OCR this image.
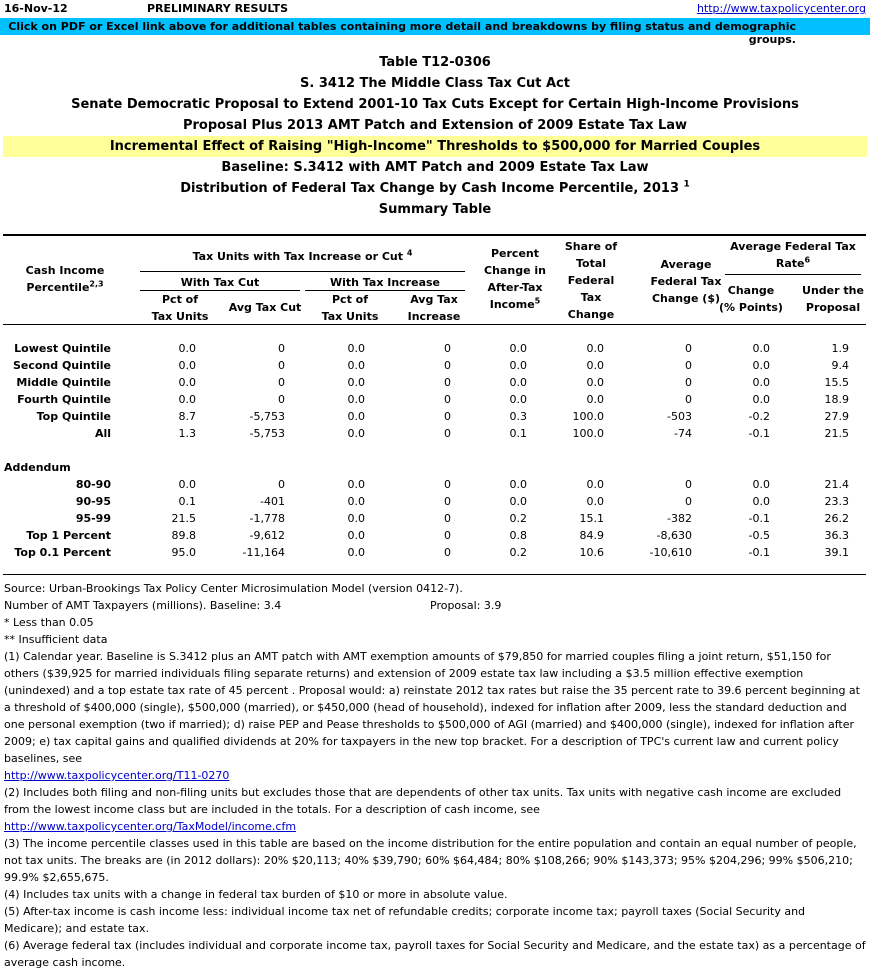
16-Nov-12	PRELIMINARY RESULTS	http://www.taxpolicycenter.org
Click on PDF or Excel link above for additional tables containing more detail and breakdowns by filing status and demographic groups.
Table T12-0306
S. 3412 The Middle Class Tax Cut Act
Senate Democratic Proposal to Extend 2001-10 Tax Cuts Except for Certain High-Income Provisions
Proposal Plus 2013 AMT Patch and Extension of 2009 Estate Tax Law
Incremental Effect of Raising "High-Income" Thresholds to $500,000 for Married Couples
Baseline: S.3412 with AMT Patch and 2009 Estate Tax Law
Distribution of Federal Tax Change by Cash Income Percentile, 2013 $^1$
Summary Table
Cash Income
Percentile$^{2,3}$
Tax Units with Tax Increase or Cut $^4$
With Tax Cut	With Tax Increase
Pct of Tax Units
Avg Tax Cut
Pct of Tax Units
Avg Tax Increase
Percent Change in After-Tax Income$^5$
Share of Total Federal Tax Change
Average Federal Tax Change ($)
Average Federal Tax Rate$^6$
Change (% Points)
Under the Proposal
Lowest Quintile	0.0	0	0.0	0	0.0	0.0	0	0.0	1.9
Second Quintile	0.0	0	0.0	0	0.0	0.0	0	0.0	9.4
Middle Quintile	0.0	0	0.0	0	0.0	0.0	0	0.0	15.5
Fourth Quintile	0.0	0	0.0	0	0.0	0.0	0	0.0	18.9
Top Quintile	8.7	-5,753	0.0	0	0.3	100.0	-503	-0.2	27.9
All	1.3	-5,753	0.0	0	0.1	100.0	-74	-0.1	21.5
Addendum
80-90	0.0	0	0.0	0	0.0	0.0	0	0.0	21.4
90-95	0.1	-401	0.0	0	0.0	0.0	0	0.0	23.3
95-99	21.5	-1,778	0.0	0	0.2	15.1	-382	-0.1	26.2
Top 1 Percent	89.8	-9,612	0.0	0	0.8	84.9	-8,630	-0.5	36.3
Top 0.1 Percent	95.0	-11,164	0.0	0	0.2	10.6	-10,610	-0.1	39.1

Source: Urban-Brookings Tax Policy Center Microsimulation Model (version 0412-7).

Number of AMT Taxpayers (millions). Baseline: 3.4	Proposal: 3.9

* Less than 0.05

** Insufficient data

(1) Calendar year. Baseline is S.3412 plus an AMT patch with AMT exemption amounts of $79,850 for married couples filing a joint return, $51,150 for others ($39,925 for married individuals filing separate returns) and extension of 2009 estate tax law including a $3.5 million effective exemption (unindexed) and a top estate tax rate of 45 percent . Proposal would: a) reinstate 2012 tax rates but raise the 35 percent rate to 39.6 percent beginning at a threshold of $400,000 (single), $500,000 (married), or $450,000 (head of household), indexed for inflation after 2009, less the standard deduction and one personal exemption (two if married); d) raise PEP and Pease thresholds to $500,000 of AGI (married) and $400,000 (single), indexed for inflation after 2009; e) tax capital gains and qualified dividends at 20% for taxpayers in the new top bracket. For a description of TPC's current law and current policy baselines, see

http://www.taxpolicycenter.org/T11-0270

(2) Includes both filing and non-filing units but excludes those that are dependents of other tax units. Tax units with negative cash income are excluded from the lowest income class but are included in the totals. For a description of cash income, see

http://www.taxpolicycenter.org/TaxModel/income.cfm

(3) The income percentile classes used in this table are based on the income distribution for the entire population and contain an equal number of people, not tax units. The breaks are (in 2012 dollars): 20% $20,113; 40% $39,790; 60% $64,484; 80% $108,266; 90% $143,373; 95% $204,296; 99% $506,210; 99.9% $2,655,675.

(4) Includes tax units with a change in federal tax burden of $10 or more in absolute value.

(5) After-tax income is cash income less: individual income tax net of refundable credits; corporate income tax; payroll taxes (Social Security and Medicare); and estate tax.

(6) Average federal tax (includes individual and corporate income tax, payroll taxes for Social Security and Medicare, and the estate tax) as a percentage of average cash income.
